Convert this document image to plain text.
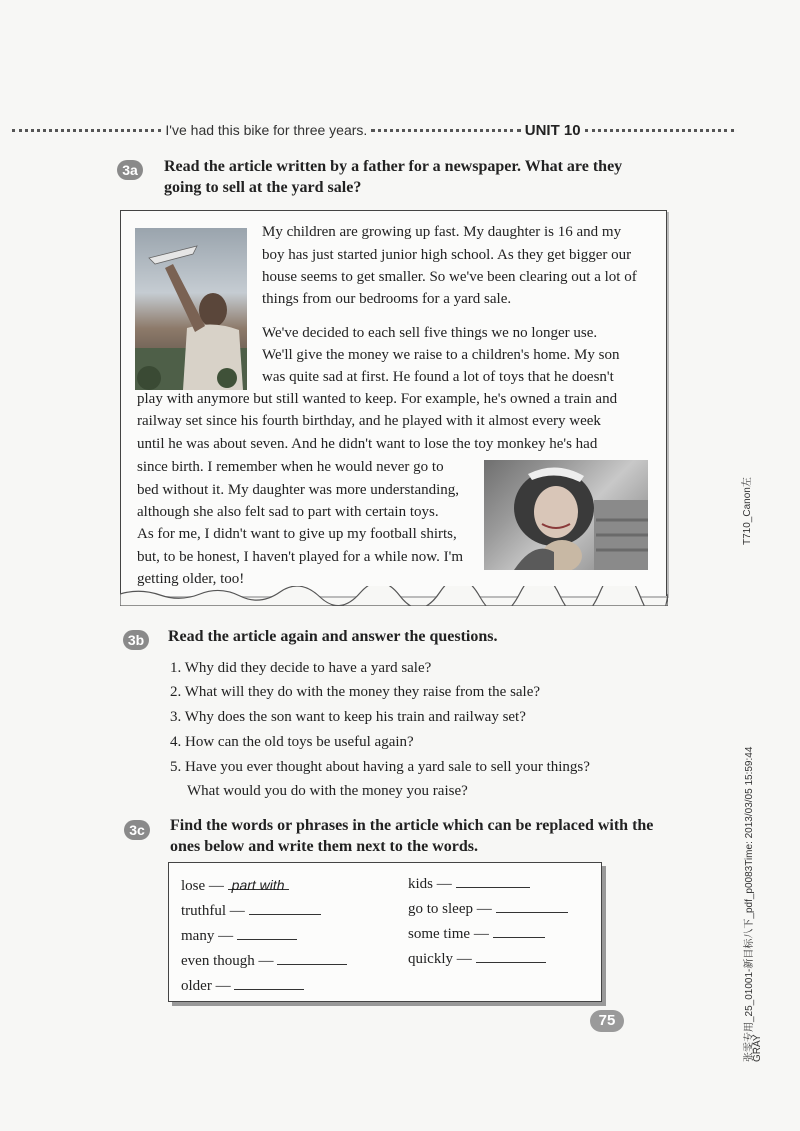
I've had this bike for three years.	UNIT 10
3a	Read the article written by a father for a newspaper. What are they
going to sell at the yard sale?
My children are growing up fast. My daughter is 16 and my
boy has just started junior high school. As they get bigger our
house seems to get smaller. So we've been clearing out a lot of
things from our bedrooms for a yard sale.
We've decided to each sell five things we no longer use.
We'll give the money we raise to a children's home. My son
was quite sad at first. He found a lot of toys that he doesn't
play with anymore but still wanted to keep. For example, he's owned a train and
railway set since his fourth birthday, and he played with it almost every week
until he was about seven. And he didn't want to lose the toy monkey he's had
since birth. I remember when he would never go to
bed without it. My daughter was more understanding,
although she also felt sad to part with certain toys.
As for me, I didn't want to give up my football shirts,
but, to be honest, I haven't played for a while now. I'm
getting older, too!
3b	Read the article again and answer the questions.
1. Why did they decide to have a yard sale?
2. What will they do with the money they raise from the sale?
3. Why does the son want to keep his train and railway set?
4. How can the old toys be useful again?
5. Have you ever thought about having a yard sale to sell your things?
What would you do with the money you raise?
3c	Find the words or phrases in the article which can be replaced with the
ones below and write them next to the words.
lose — part with
truthful —
many —
even though —
older —
kids —
go to sleep —
some time —
quickly —
75
T710_Canon左
张雯专用_25_01001-新目标八下_pdf_p0083Time: 2013/03/05 15:59:44
GRAY
